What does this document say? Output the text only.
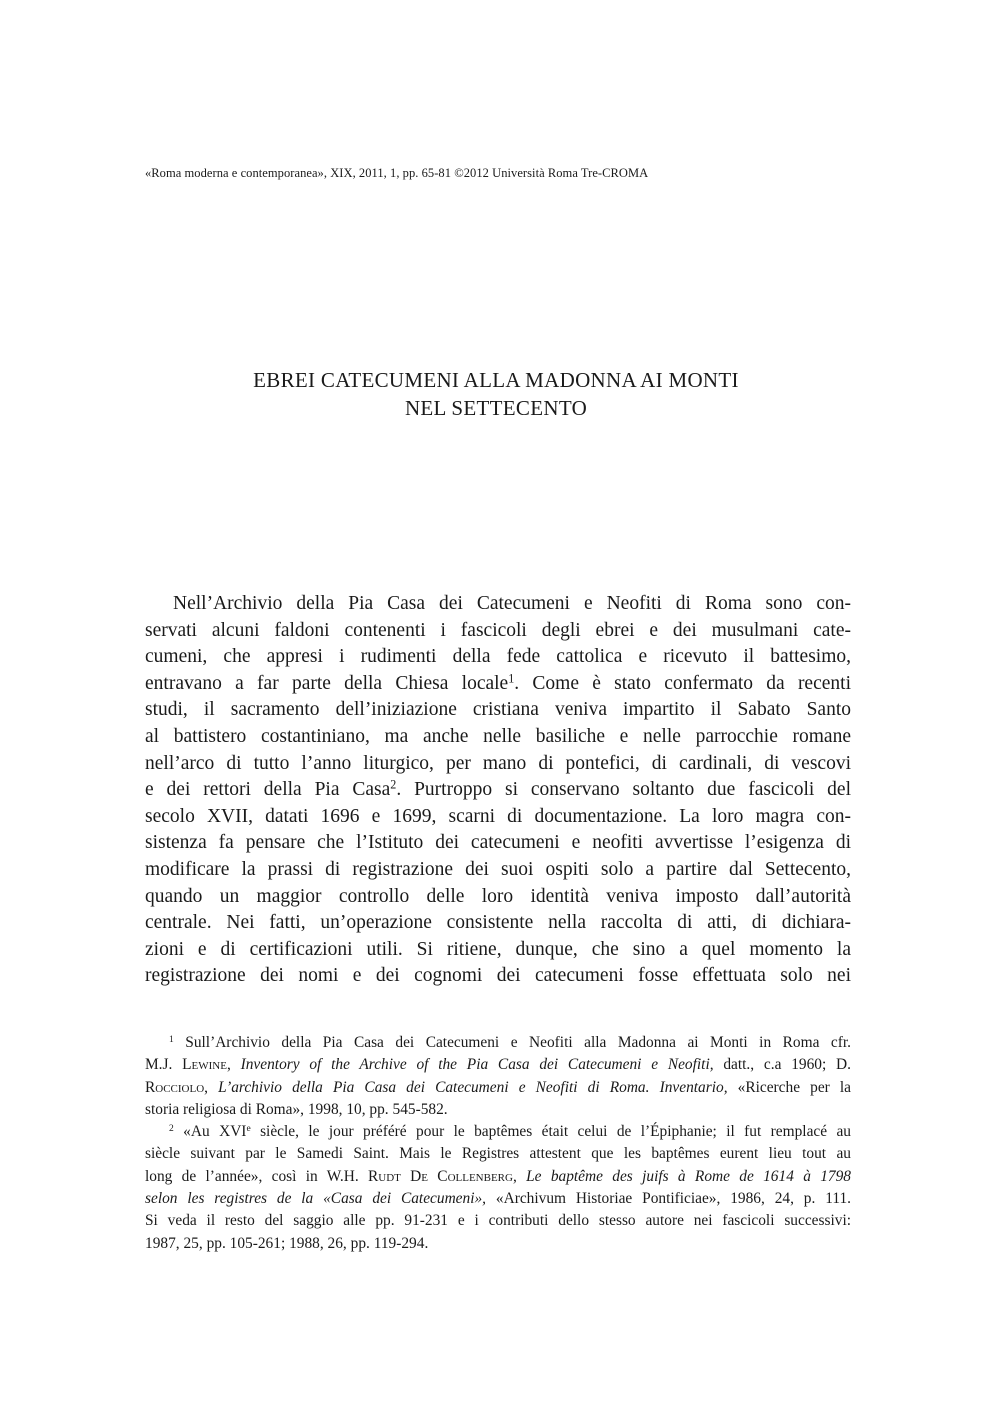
«Roma moderna e contemporanea», XIX, 2011, 1, pp. 65-81 ©2012 Università Roma Tre-CROMA
EBREI CATECUMENI ALLA MADONNA AI MONTI
NEL SETTECENTO
Nell’Archivio della Pia Casa dei Catecumeni e Neofiti di Roma sono con-
servati alcuni faldoni contenenti i fascicoli degli ebrei e dei musulmani cate-
cumeni, che appresi i rudimenti della fede cattolica e ricevuto il battesimo,
entravano a far parte della Chiesa locale$^1$. Come è stato confermato da recenti
studi, il sacramento dell’iniziazione cristiana veniva impartito il Sabato Santo
al battistero costantiniano, ma anche nelle basiliche e nelle parrocchie romane
nell’arco di tutto l’anno liturgico, per mano di pontefici, di cardinali, di vescovi
e dei rettori della Pia Casa$^2$. Purtroppo si conservano soltanto due fascicoli del
secolo XVII, datati 1696 e 1699, scarni di documentazione. La loro magra con-
sistenza fa pensare che l’Istituto dei catecumeni e neofiti avvertisse l’esigenza di
modificare la prassi di registrazione dei suoi ospiti solo a partire dal Settecento,
quando un maggior controllo delle loro identità veniva imposto dall’autorità
centrale. Nei fatti, un’operazione consistente nella raccolta di atti, di dichiara-
zioni e di certificazioni utili. Si ritiene, dunque, che sino a quel momento la
registrazione dei nomi e dei cognomi dei catecumeni fosse effettuata solo nei
$^1$ Sull’Archivio della Pia Casa dei Catecumeni e Neofiti alla Madonna ai Monti in Roma cfr.
M.J. Lewine, Inventory of the Archive of the Pia Casa dei Catecumeni e Neofiti, datt., c.a 1960; D.
Rocciolo, L’archivio della Pia Casa dei Catecumeni e Neofiti di Roma. Inventario, «Ricerche per la
storia religiosa di Roma», 1998, 10, pp. 545-582.
$^2$ «Au XVIe siècle, le jour préféré pour le baptêmes était celui de l’Épiphanie; il fut remplacé au
siècle suivant par le Samedi Saint. Mais le Registres attestent que les baptêmes eurent lieu tout au
long de l’année», così in W.H. Rudt De Collenberg, Le baptême des juifs à Rome de 1614 à 1798
selon les registres de la «Casa dei Catecumeni», «Archivum Historiae Pontificiae», 1986, 24, p. 111.
Si veda il resto del saggio alle pp. 91-231 e i contributi dello stesso autore nei fascicoli successivi:
1987, 25, pp. 105-261; 1988, 26, pp. 119-294.
